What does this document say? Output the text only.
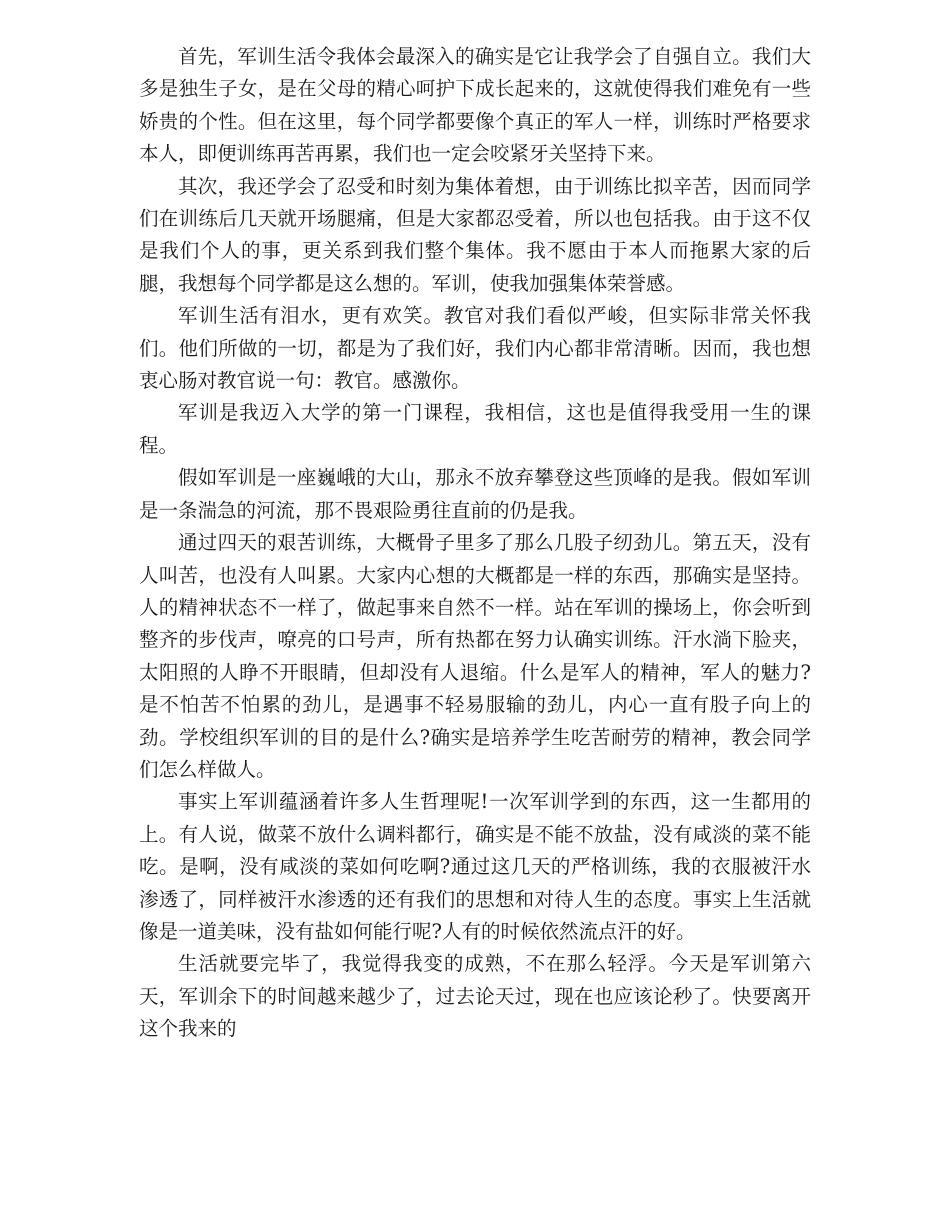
首先，军训生活令我体会最深入的确实是它让我学会了自强自立。我们大多是独生子女，是在父母的精心呵护下成长起来的，这就使得我们难免有一些娇贵的个性。但在这里，每个同学都要像个真正的军人一样，训练时严格要求本人，即便训练再苦再累，我们也一定会咬紧牙关坚持下来。

其次，我还学会了忍受和时刻为集体着想，由于训练比拟辛苦，因而同学们在训练后几天就开场腿痛，但是大家都忍受着，所以也包括我。由于这不仅是我们个人的事，更关系到我们整个集体。我不愿由于本人而拖累大家的后腿，我想每个同学都是这么想的。军训，使我加强集体荣誉感。

军训生活有泪水，更有欢笑。教官对我们看似严峻，但实际非常关怀我们。他们所做的一切，都是为了我们好，我们内心都非常清晰。因而，我也想衷心肠对教官说一句：教官。感激你。

军训是我迈入大学的第一门课程，我相信，这也是值得我受用一生的课程。

假如军训是一座巍峨的大山，那永不放弃攀登这些顶峰的是我。假如军训是一条湍急的河流，那不畏艰险勇往直前的仍是我。

通过四天的艰苦训练，大概骨子里多了那么几股子纫劲儿。第五天，没有人叫苦，也没有人叫累。大家内心想的大概都是一样的东西，那确实是坚持。人的精神状态不一样了，做起事来自然不一样。站在军训的操场上，你会听到整齐的步伐声，嘹亮的口号声，所有热都在努力认确实训练。汗水淌下脸夹，太阳照的人睁不开眼睛，但却没有人退缩。什么是军人的精神，军人的魅力?是不怕苦不怕累的劲儿，是遇事不轻易服输的劲儿，内心一直有股子向上的劲。学校组织军训的目的是什么?确实是培养学生吃苦耐劳的精神，教会同学们怎么样做人。

事实上军训蕴涵着许多人生哲理呢!一次军训学到的东西，这一生都用的上。有人说，做菜不放什么调料都行，确实是不能不放盐，没有咸淡的菜不能吃。是啊，没有咸淡的菜如何吃啊?通过这几天的严格训练，我的衣服被汗水渗透了，同样被汗水渗透的还有我们的思想和对待人生的态度。事实上生活就像是一道美味，没有盐如何能行呢?人有的时候依然流点汗的好。

生活就要完毕了，我觉得我变的成熟，不在那么轻浮。今天是军训第六天，军训余下的时间越来越少了，过去论天过，现在也应该论秒了。快要离开这个我来的
